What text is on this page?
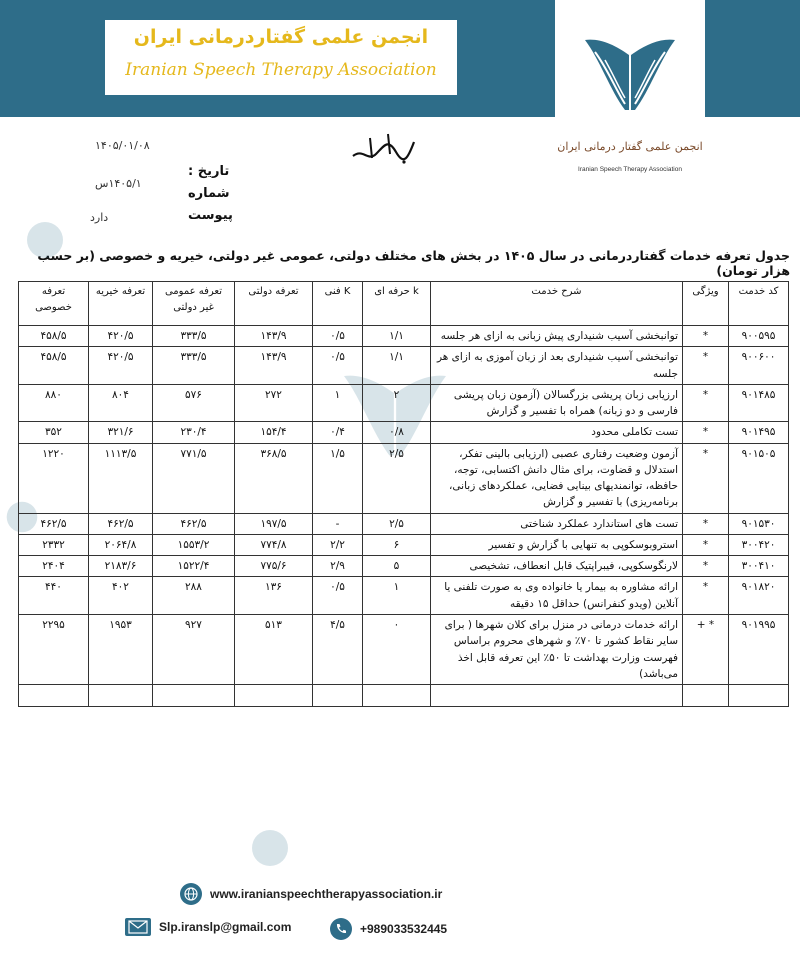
انجمن علمی گفتاردرمانی ایران
Iranian Speech Therapy Association
انجمن علمی گفتار درمانی ایران
Iranian Speech Therapy Association
۱۴۰۵/۰۱/۰۸
تاریخ :
۱۴۰۵/۱س
شماره
دارد	پیوست
جدول تعرفه خدمات گفتاردرمانی در سال ۱۴۰۵ در بخش های مختلف دولتی، عمومی غیر دولتی، خیریه و خصوصی (بر حسب هزار تومان)
کد خدمت	ویژگی	شرح خدمت	k حرفه ای	K فنی	تعرفه دولتی	تعرفه عمومی غیر دولتی	تعرفه خیریه	تعرفه خصوصی
۹۰۰۵۹۵	*	توانبخشی آسیب شنیداری پیش زبانی به ازای هر جلسه	۱/۱	۰/۵	۱۴۳/۹	۳۳۳/۵	۴۲۰/۵	۴۵۸/۵
۹۰۰۶۰۰	*	توانبخشی آسیب شنیداری بعد از زبان آموزی به ازای هر جلسه	۱/۱	۰/۵	۱۴۳/۹	۳۳۳/۵	۴۲۰/۵	۴۵۸/۵
۹۰۱۴۸۵	*	ارزیابی زبان پریشی بزرگسالان (آزمون زبان پریشی فارسی و دو زبانه) همراه با تفسیر و گزارش	۲	۱	۲۷۲	۵۷۶	۸۰۴	۸۸۰
۹۰۱۴۹۵	*	تست تکاملی محدود	۰/۸	۰/۴	۱۵۴/۴	۲۳۰/۴	۳۲۱/۶	۳۵۲
۹۰۱۵۰۵	*	آزمون وضعیت رفتاری عصبی (ارزیابی بالینی تفکر، استدلال و قضاوت، برای مثال دانش اکتسابی، توجه، حافظه، توانمندیهای بینایی فضایی، عملکردهای زبانی، برنامه‌ریزی) با تفسیر و گزارش	۲/۵	۱/۵	۳۶۸/۵	۷۷۱/۵	۱۱۱۳/۵	۱۲۲۰
۹۰۱۵۳۰	*	تست های استاندارد عملکرد شناختی	۲/۵	-	۱۹۷/۵	۴۶۲/۵	۴۶۲/۵	۴۶۲/۵
۳۰۰۴۲۰	*	استروبوسکوپی به تنهایی با گزارش و تفسیر	۶	۲/۲	۷۷۴/۸	۱۵۵۳/۲	۲۰۶۴/۸	۲۳۳۲
۳۰۰۴۱۰	*	لارنگوسکوپی، فیبراپتیک قابل انعطاف، تشخیصی	۵	۲/۹	۷۷۵/۶	۱۵۲۲/۴	۲۱۸۳/۶	۲۴۰۴
۹۰۱۸۲۰	*	ارائه مشاوره به بیمار یا خانواده وی به صورت تلفنی یا آنلاین (ویدو کنفرانس) حداقل ۱۵ دقیقه	۱	۰/۵	۱۳۶	۲۸۸	۴۰۲	۴۴۰
۹۰۱۹۹۵	* +	ارائه خدمات درمانی در منزل برای کلان شهرها ( برای سایر نقاط کشور تا ۷۰٪ و شهرهای محروم براساس فهرست وزارت بهداشت تا ۵۰٪ این تعرفه قابل اخذ می‌باشد)	۰	۴/۵	۵۱۳	۹۲۷	۱۹۵۳	۲۲۹۵

www.iranianspeechtherapyassociation.ir
Slp.iranslp@gmail.com	+989033532445
